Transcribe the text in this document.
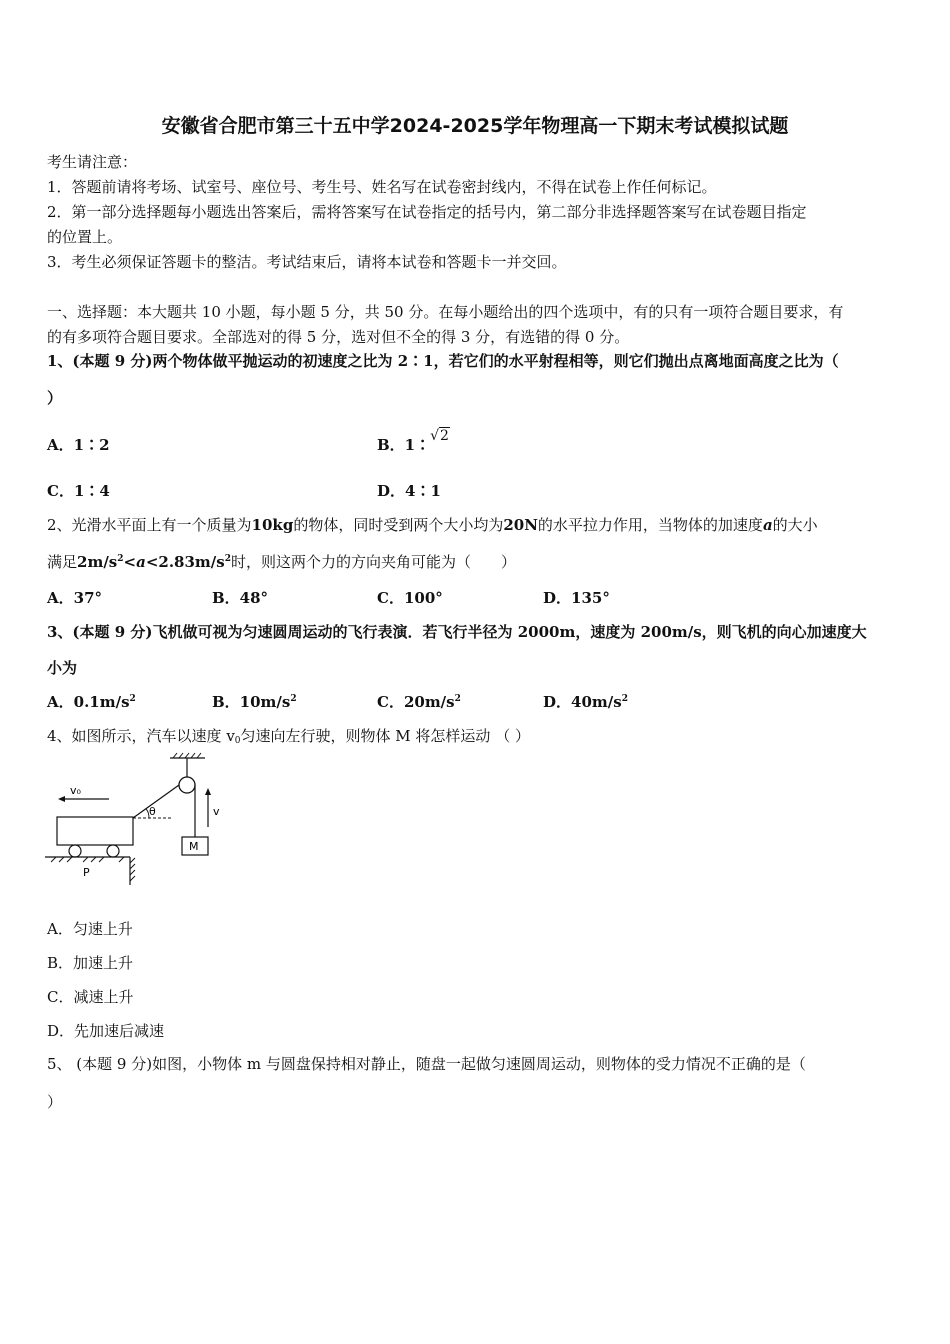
安徽省合肥市第三十五中学2024-2025学年物理高一下期末考试模拟试题
考生请注意：
1．答题前请将考场、试室号、座位号、考生号、姓名写在试卷密封线内，不得在试卷上作任何标记。
2．第一部分选择题每小题选出答案后，需将答案写在试卷指定的括号内，第二部分非选择题答案写在试卷题目指定
的位置上。
3．考生必须保证答题卡的整洁。考试结束后，请将本试卷和答题卡一并交回。
一、选择题：本大题共 10 小题，每小题 5 分，共 50 分。在每小题给出的四个选项中，有的只有一项符合题目要求，有
的有多项符合题目要求。全部选对的得 5 分，选对但不全的得 3 分，有选错的得 0 分。
1、(本题 9 分)两个物体做平抛运动的初速度之比为 2∶1，若它们的水平射程相等，则它们抛出点离地面高度之比为（
）
A．1∶2	B．1∶√2
C．1∶4	D．4∶1
2、光滑水平面上有一个质量为10kg的物体，同时受到两个大小均为20N的水平拉力作用，当物体的加速度a的大小
满足$2m/s^2<a<2.83m/s^2$时，则这两个力的方向夹角可能为（　　）
A．37°	B．48°	C．100°	D．135°
3、(本题 9 分)飞机做可视为匀速圆周运动的飞行表演．若飞行半径为 2000m，速度为 200m/s，则飞机的向心加速度大
小为
A．$0.1m/s^2$	B．$10m/s^2$	C．$20m/s^2$	D．$40m/s^2$
4、如图所示，汽车以速度 $v_0$匀速向左行驶，则物体 M 将怎样运动 （ ）
θ
M
v
v₀
P
A．匀速上升
B．加速上升
C．减速上升
D．先加速后减速
5、 (本题 9 分)如图，小物体 m 与圆盘保持相对静止，随盘一起做匀速圆周运动，则物体的受力情况不正确的是（
）
